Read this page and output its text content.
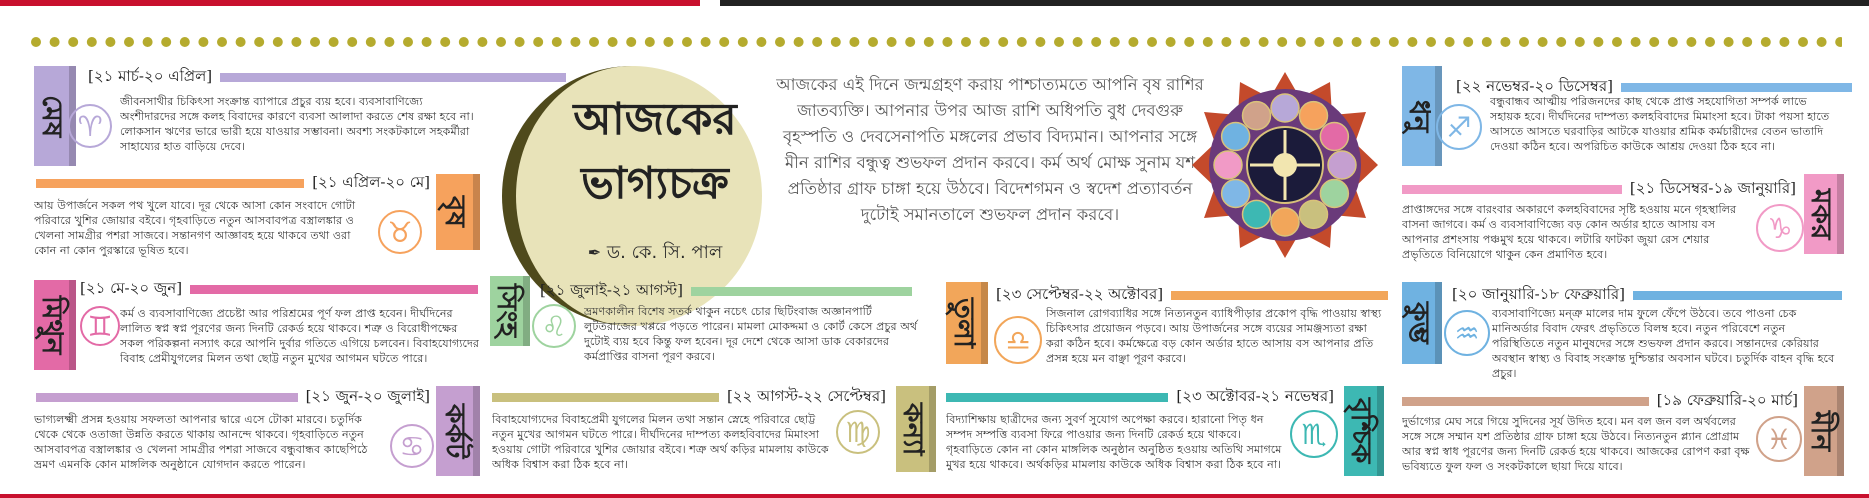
আজকের
ভাগ্যচক্র
✒ ড. কে. সি. পাল
আজকের এই দিনে জন্মগ্রহণ করায় পাশ্চাত্যমতে আপনি বৃষ রাশির জাতব্যক্তি। আপনার উপর আজ রাশি অধিপতি বুধ দেবগুরু বৃহস্পতি ও দেবসেনাপতি মঙ্গলের প্রভাব বিদ্যমান। আপনার সঙ্গে মীন রাশির বন্ধুত্ব শুভফল প্রদান করবে। কর্ম অর্থ মোক্ষ সুনাম যশ প্রতিষ্ঠার গ্রাফ চাঙ্গা হয়ে উঠবে। বিদেশগমন ও স্বদেশ প্রত্যাবর্তন দুটোই সমানতালে শুভফল প্রদান করবে।
মেষ
[২১ মার্চ-২০ এপ্রিল]
♈
জীবনসাথীর চিকিৎসা সংক্রান্ত ব্যাপারে প্রচুর ব্যয় হবে। ব্যবসাবাণিজ্যে অংশীদারদের সঙ্গে কলহ বিবাদের কারণে ব্যবসা আলাদা করতে শেষ রক্ষা হবে না। লোকসান ঋণের ভারে ভারী হয়ে যাওয়ার সম্ভাবনা। অবশ্য সংকটকালে সহকর্মীরা সাহায্যের হাত বাড়িয়ে দেবে।
বৃষ
[২১ এপ্রিল-২০ মে]
♉
আয় উপার্জনে সকল পথ খুলে যাবে। দূর থেকে আসা কোন সংবাদে গোটা পরিবারে খুশির জোয়ার বইবে। গৃহবাড়িতে নতুন আসবাবপত্র বস্ত্রালঙ্কার ও খেলনা সামগ্রীর পশরা সাজবে। সন্তানগণ আজ্ঞাবহ হয়ে থাকবে তথা ওরা কোন না কোন পুরস্কারে ভূষিত হবে।
মিথুন
[২১ মে-২০ জুন]
♊ কর্ম ও ব্যবসাবাণিজ্যে প্রচেষ্টা আর পরিশ্রমের পূর্ণ ফল প্রাপ্ত হবেন। দীর্ঘদিনের লালিত স্বপ্ন স্বপ্ন পূরণের জন্য দিনটি রেকর্ড হয়ে থাকবে। শত্রু ও বিরোধীপক্ষের সকল পরিকল্পনা নস্যাৎ করে আপনি দুর্বার গতিতে এগিয়ে চলবেন। বিবাহযোগ্যদের বিবাহ প্রেমীযুগলের মিলন তথা ছোট্ট নতুন মুখের আগমন ঘটতে পারে।
কর্কট
[২১ জুন-২০ জুলাই]
♋
ভাগ্যলক্ষ্মী প্রসন্ন হওয়ায় সফলতা আপনার দ্বারে এসে টোকা মারবে। চতুর্দিক থেকে থেকে ওতাজা উন্নতি করতে থাকায় আনন্দে থাকবে। গৃহবাড়িতে নতুন আসবাবপত্র বস্ত্রালঙ্কার ও খেলনা সামগ্রীর পশরা সাজবে বন্ধুবান্ধব কাছেপিঠে ভ্রমণ এমনকি কোন মাঙ্গলিক অনুষ্ঠানে যোগদান করতে পারেন।
সিংহ	[২১ জুলাই-২১ আগস্ট]
♌	ভ্রমণকালীন বিশেষ সতর্ক থাকুন নচেৎ চোর ছিটিংবাজ অজ্ঞানপার্টি লুটতরাজের খপ্পরে পড়তে পারেন। মামলা মোকদ্দমা ও কোর্ট কেসে প্রচুর অর্থ দুটোই ব্যয় হবে কিন্তু ফল হবেন। দূর দেশে থেকে আসা ডাক বেকারদের কর্মপ্রাপ্তির বাসনা পূরণ করবে।
কন্যা
[২২ আগস্ট-২২ সেপ্টেম্বর]
♍
বিবাহযোগ্যদের বিবাহপ্রেমী যুগলের মিলন তথা সন্তান স্নেহে পরিবারে ছোট্ট নতুন মুখের আগমন ঘটতে পারে। দীর্ঘদিনের দাম্পত্য কলহবিবাদের মিমাংসা হওয়ায় গোটা পরিবারে খুশির জোয়ার বইবে। শত্রু অর্থ কড়ির মামলায় কাউকে অধিক বিশ্বাস করা ঠিক হবে না।
তুলা
[২৩ সেপ্টেম্বর-২২ অক্টোবর]
♎
সিজনাল রোগব্যাধির সঙ্গে নিত্যনতুন ব্যাধিপীড়ার প্রকোপ বৃদ্ধি পাওয়ায় স্বাস্থ্য চিকিৎসার প্রয়োজন পড়বে। আয় উপার্জনের সঙ্গে ব্যয়ের সামঞ্জস্যতা রক্ষা করা কঠিন হবে। কর্মক্ষেত্রে বড় কোন অর্ডার হাতে আসায় বস আপনার প্রতি প্রসন্ন হয়ে মন বাঞ্ছা পূরণ করবে।
বৃশ্চিক
[২৩ অক্টোবর-২১ নভেম্বর]
♏
বিদ্যাশিক্ষায় ছাত্রীদের জন্য সুবর্ণ সুযোগ অপেক্ষা করবে। হারানো পিতৃ ধন সম্পদ সম্পত্তি ব্যবসা ফিরে পাওয়ার জন্য দিনটি রেকর্ড হয়ে থাকবে। গৃহবাড়িতে কোন না কোন মাঙ্গলিক অনুষ্ঠান অনুষ্ঠিত হওয়ায় অতিথি সমাগমে মুখর হয়ে থাকবে। অর্থকড়ির মামলায় কাউকে অধিক বিশ্বাস করা ঠিক হবে না।
ধনু
[২২ নভেম্বর-২০ ডিসেম্বর]
♐
বন্ধুবান্ধব আত্মীয় পরিজনদের কাছ থেকে প্রাপ্ত সহযোগিতা সম্পর্ক লাভে সহায়ক হবে। দীর্ঘদিনের দাম্পত্য কলহবিবাদের মিমাংসা হবে। টাকা পয়সা হাতে আসতে আসতে ঘরবাড়ির আটকে যাওয়ার শ্রমিক কর্মচারীদের বেতন ভাতাদি দেওয়া কঠিন হবে। অপরিচিত কাউকে আশ্রয় দেওয়া ঠিক হবে না।
মকর
[২১ ডিসেম্বর-১৯ জানুয়ারি]
♑
প্রাপ্তাঙ্গদের সঙ্গে বারংবার অকারণে কলহবিবাদের সৃষ্টি হওয়ায় মনে গৃহস্থালির বাসনা জাগবে। কর্ম ও ব্যবসাবাণিজ্যে বড় কোন অর্ডার হাতে আসায় বস আপনার প্রশংসায় পঞ্চমুখ হয়ে থাকবে। লটারি ফাটকা জুয়া রেস শেয়ার প্রভৃতিতে বিনিয়োগে থাকুন কেন প্রমাণিত হবে।
কুম্ভ
[২০ জানুয়ারি-১৮ ফেব্রুয়ারি]
♒
ব্যবসাবাণিজ্যে মন্ত্রু মালের দাম ফুলে ফেঁপে উঠবে। তবে পাওনা চেক মানিঅর্ডার বিবাদ ফেরৎ প্রভৃতিতে বিলম্ব হবে। নতুন পরিবেশে নতুন পরিস্থিতিতে নতুন মানুষদের সঙ্গে শুভফল প্রদান করবে। সন্তানদের কেরিয়ার অবস্থান স্বাস্থ্য ও বিবাহ সংক্রান্ত দুশ্চিন্তার অবসান ঘটবে। চতুর্দিক বাহন বৃদ্ধি হবে প্রচুর।
মীন
[১৯ ফেব্রুয়ারি-২০ মার্চ]
♓
দুর্ভাগ্যের মেঘ সরে গিয়ে সুদিনের সূর্য উদিত হবে। মন বল জন বল অর্থবলের সঙ্গে সঙ্গে সম্মান যশ প্রতিষ্ঠার গ্রাফ চাঙ্গা হয়ে উঠবে। নিত্যনতুন প্ল্যান প্রোগ্রাম আর স্বপ্ন স্বাধ পূরণের জন্য দিনটি রেকর্ড হয়ে থাকবে। আজকের রোপণ করা বৃক্ষ ভবিষ্যতে ফুল ফল ও সংকটকালে ছায়া দিয়ে যাবে।
